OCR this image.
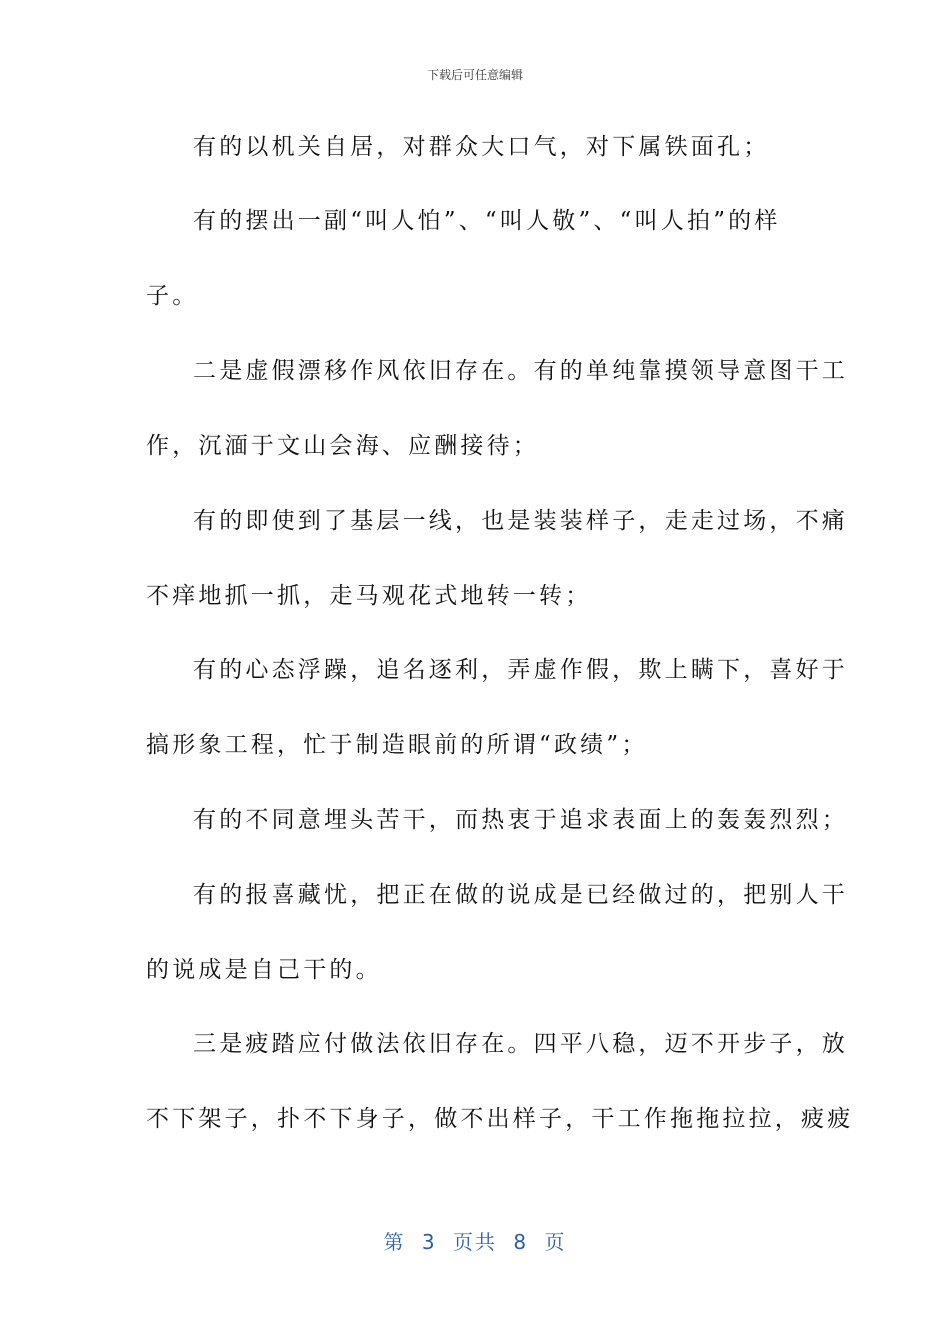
下载后可任意编辑
有的以机关自居，对群众大口气，对下属铁面孔；
有的摆出一副“叫人怕”、“叫人敬”、“叫人拍”的样
子。
二是虚假漂移作风依旧存在。有的单纯靠摸领导意图干工
作，沉湎于文山会海、应酬接待；
有的即使到了基层一线，也是装装样子，走走过场，不痛
不痒地抓一抓，走马观花式地转一转；
有的心态浮躁，追名逐利，弄虚作假，欺上瞒下，喜好于
搞形象工程，忙于制造眼前的所谓“政绩”；
有的不同意埋头苦干，而热衷于追求表面上的轰轰烈烈；
有的报喜藏忧，把正在做的说成是已经做过的，把别人干
的说成是自己干的。
三是疲踏应付做法依旧存在。四平八稳，迈不开步子，放
不下架子，扑不下身子，做不出样子，干工作拖拖拉拉，疲疲
第 3 页共 8 页
